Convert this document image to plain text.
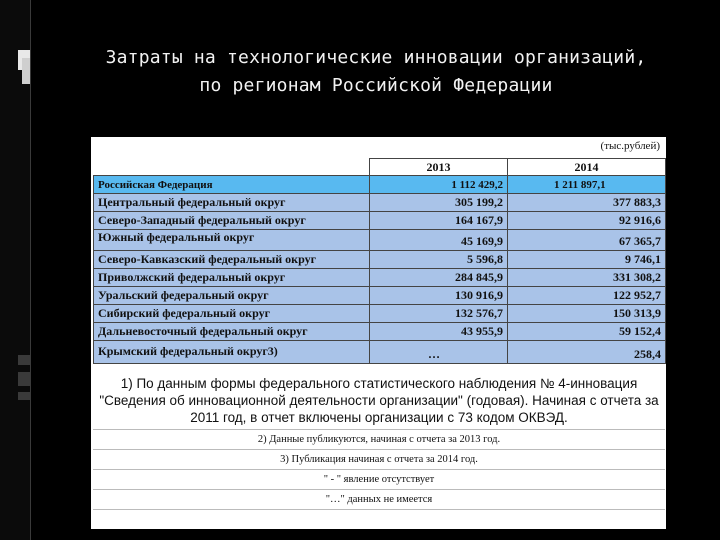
Затраты на технологические инновации организаций,
по регионам Российской Федерации
(тыс.рублей)
	2013	2014
Российская Федерация	1 112 429,2	1 211 897,1
Центральный федеральный округ	305 199,2	377 883,3
Северо-Западный федеральный округ	164 167,9	92 916,6
Южный федеральный округ	45 169,9	67 365,7
Северо-Кавказский федеральный округ	5 596,8	9 746,1
Приволжский федеральный округ	284 845,9	331 308,2
Уральский федеральный округ	130 916,9	122 952,7
Сибирский федеральный округ	132 576,7	150 313,9
Дальневосточный федеральный округ	43 955,9	59 152,4
Крымский федеральный округ3)	…	258,4
1) По данным формы федерального статистического наблюдения № 4-инновация "Сведения об инновационной деятельности организации" (годовая). Начиная с отчета за 2011 год, в отчет включены организации с 73 кодом ОКВЭД.
2) Данные публикуются, начиная с отчета за 2013 год.
3) Публикация начиная с отчета за 2014 год.
" - " явление отсутствует
"…" данных не имеется
